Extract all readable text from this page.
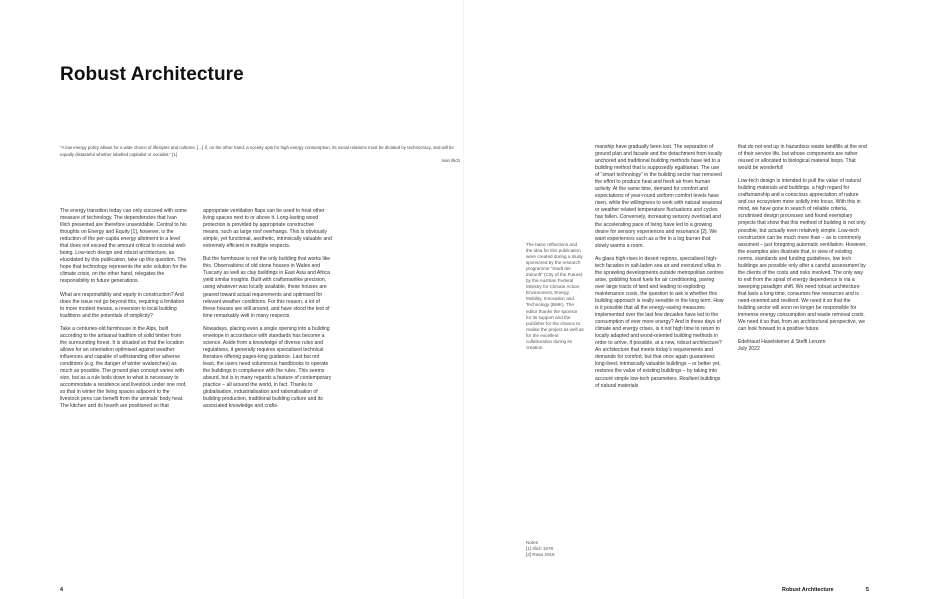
Robust Architecture
“A low energy policy allows for a wide choice of lifestyles and cultures. [...] If, on the other hand, a society opts for high energy consumption, its social relations must be dictated by technocracy, and will be equally distasteful whether labelled capitalist or socialist.” [1]
Ivan Illich

The energy transition today can only succeed with some measure of technology. The dependencies that Ivan Illich presented are therefore unavoidable. Central to his thoughts on Energy and Equity [1], however, is the reduction of the per-capita energy allotment to a level that does not exceed the amount critical to societal well-being. Low-tech design and robust architecture, as elucidated by this publication, take up this question. The hope that technology represents the sole solution for the climate crisis, on the other hand, relegates the responsibility to future generations.

What are responsibility and equity in construction? And does the issue not go beyond this, requiring a limitation to more modest means, a reversion to local building traditions and the potentials of simplicity?

Take a centuries-old farmhouse in the Alps, built according to the artisanal tradition of solid timber from the surrounding forest. It is situated so that the location allows for an orientation optimised against weather influences and capable of withstanding other adverse conditions (e.g. the danger of winter avalanches) as much as possible. The ground plan concept varies with size, but as a rule boils down to what is necessary to accommodate a residence and livestock under one roof, so that in winter the living spaces adjacent to the livestock pens can benefit from the animals’ body heat. The kitchen and its hearth are positioned so that

appropriate ventilation flaps can be used to heat other living spaces next to or above it. Long-lasting wood protection is provided by appropriate constructive means, such as large roof overhangs. This is obviously simple, yet functional, aesthetic, intrinsically valuable and extremely efficient in multiple respects.

But the farmhouse is not the only building that works like this. Observations of old stone houses in Wales and Tuscany as well as clay buildings in East Asia and Africa yield similar insights. Built with craftsmanlike precision, using whatever was locally available, these houses are geared toward actual requirements and optimised for relevant weather conditions. For this reason, a lot of these houses are still around, and have stood the test of time remarkably well in many respects.

Nowadays, placing even a single opening into a building envelope in accordance with standards has become a science. Aside from a knowledge of diverse rules and regulations, it generally requires specialised technical literature offering pages-long guidance. Last but not least, the users need voluminous handbooks to operate the buildings in compliance with the rules. This seems absurd, but is in many regards a feature of contemporary practice – all around the world, in fact. Thanks to globalisation, industrialisation and rationalisation of building production, traditional building culture and its associated knowledge and crafts-

4
The basic reflections and the idea for this publication were created during a study sponsored by the research programme “Stadt der Zukunft” (City of the Future) by the Austrian Federal Ministry for Climate Action, Environment, Energy, Mobility, Innovation and Technology (BMK). The editor thanks the sponsor for its support and the publisher for the chance to realise the project as well as for the excellent collaboration during its creation.
Notes
[1] Illich 1978
[2] Rosa 2016

manship have gradually been lost. The separation of ground plan and facade and the detachment from locally anchored and traditional building methods have led to a building method that is supposedly egalitarian. The use of “smart technology” in the building sector has removed the effort to produce heat and fresh air from human activity. At the same time, demand for comfort and expectations of year-round uniform comfort levels have risen, while the willingness to work with natural seasonal or weather related temperature fluctuations and cycles has fallen. Conversely, increasing sensory overload and the accelerating pace of living have led to a growing desire for sensory experiences and resonance [2]. We want experiences such as a fire in a log burner that slowly warms a room.

As glass high-rises in desert regions, specialised high-tech facades in salt-laden sea air and oversized villas in the sprawling developments outside metropolitan centres arise, gobbling fossil fuels for air conditioning, paving over large tracts of land and leading to exploding maintenance costs, the question to ask is whether this building approach is really sensible in the long term. How is it possible that all the energy-saving measures implemented over the last few decades have led to the consumption of ever more energy? And in these days of climate and energy crises, is it not high time to return to locally adapted and wood-oriented building methods in order to arrive, if possible, at a new, robust architecture? An architecture that meets today’s requirements and demands for comfort, but that once again guarantees long-lived, intrinsically valuable buildings – or better yet, restores the value of existing buildings – by taking into account simple low-tech parameters. Resilient buildings of natural materials

that do not end up in hazardous waste landfills at the end of their service life, but whose components are rather reused or allocated to biological material loops. That would be wonderful!

Low-tech design is intended to pull the value of natural building materials and buildings, a high regard for craftsmanship and a conscious appreciation of nature and our ecosystem more solidly into focus. With this in mind, we have gone in search of reliable criteria, scrutinised design processes and found exemplary projects that show that this method of building is not only possible, but actually even relatively simple. Low-tech construction can be much more than – as is commonly assumed – just foregoing automatic ventilation. However, the examples also illustrate that, in view of existing norms, standards and funding guidelines, low tech buildings are possible only after a careful assessment by the clients of the costs and risks involved. The only way to exit from the spiral of energy dependence is via a sweeping paradigm shift. We need robust architecture that lasts a long time, consumes few resources and is need-oriented and resilient. We need it so that the building sector will soon no longer be responsible for immense energy consumption and waste removal costs. We need it so that, from an architectural perspective, we can look forward to a positive future.

Edeltraud Haselsteiner & Steffi Lenzen
July 2022
Robust Architecture	5
